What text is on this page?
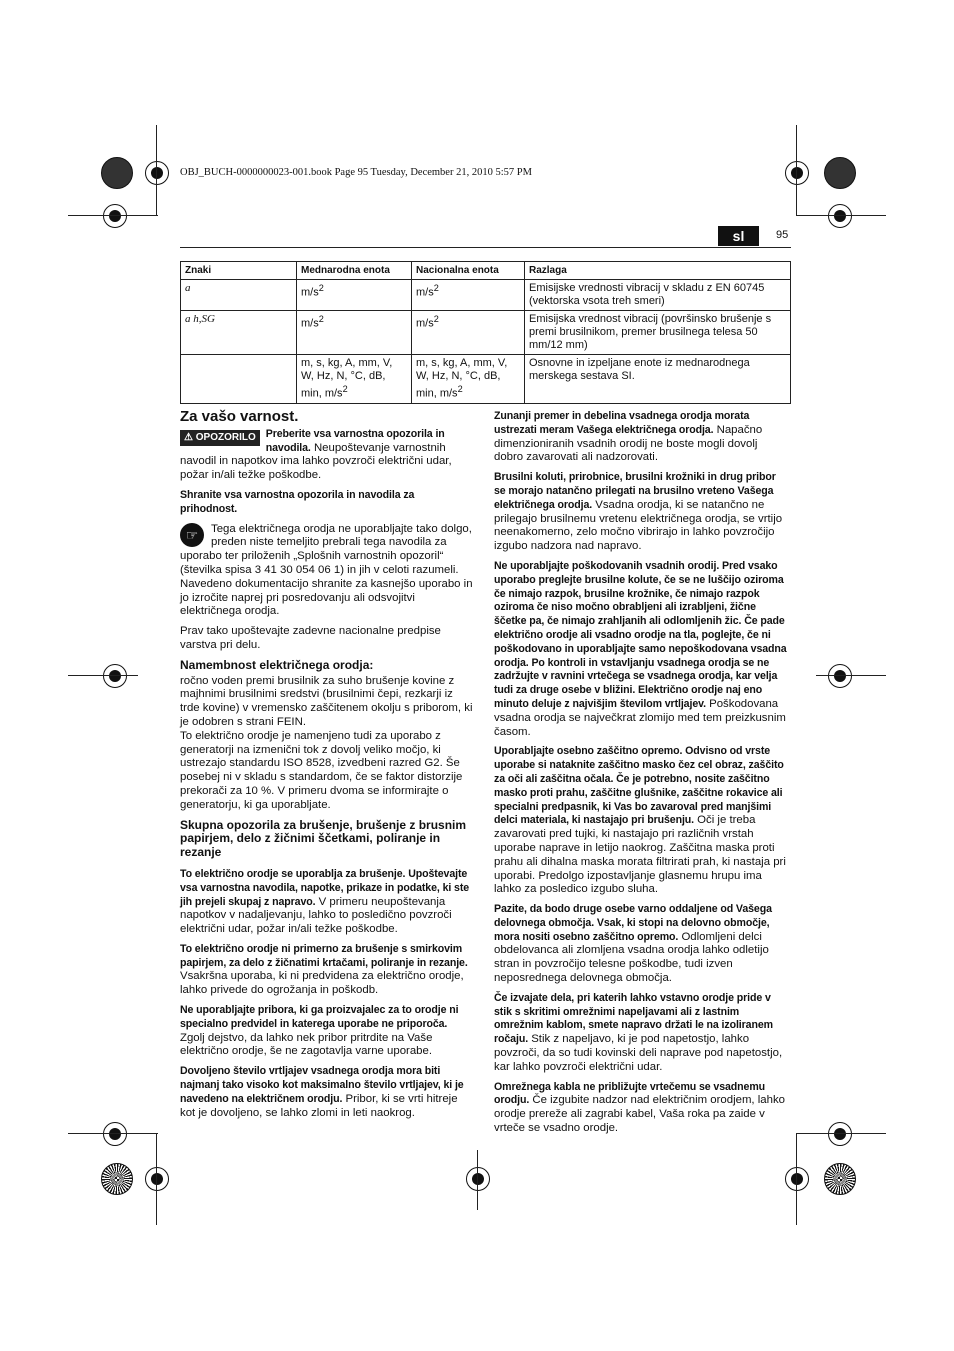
OBJ_BUCH-0000000023-001.book Page 95 Tuesday, December 21, 2010 5:57 PM
sl	95
Znaki	Mednarodna enota	Nacionalna enota	Razlaga
a	$m/s^2$	$m/s^2$	Emisijske vrednosti vibracij v skladu z EN 60745 (vektorska vsota treh smeri)
a h,SG	$m/s^2$	$m/s^2$	Emisijska vrednost vibracij (površinsko brušenje s premi brusilnikom, premer brusilnega telesa 50 mm/12 mm)
	m, s, kg, A, mm, V, W, Hz, N, °C, dB, min, $m/s^2$	m, s, kg, A, mm, V, W, Hz, N, °C, dB, min, $m/s^2$	Osnovne in izpeljane enote iz mednarodnega merskega sestava SI.
Za vašo varnost.

⚠ OPOZORILO Preberite vsa varnostna opozorila in navodila. Neupoštevanje varnostnih navodil in napotkov ima lahko povzroči električni udar, požar in/ali težke poškodbe.

Shranite vsa varnostna opozorila in navodila za prihodnost.

☞	Tega električnega orodja ne uporabljajte tako dolgo, preden niste temeljito prebrali tega navodila za uporabo ter priloženih „Splošnih varnostnih opozoril“ (številka spisa 3 41 30 054 06 1) in jih v celoti razumeli. Navedeno dokumentacijo shranite za kasnejšo uporabo in jo izročite naprej pri posredovanju ali odsvojitvi električnega orodja.

Prav tako upoštevajte zadevne nacionalne predpise varstva pri delu.

Namembnost električnega orodja:

ročno voden premi brusilnik za suho brušenje kovine z majhnimi brusilnimi sredstvi (brusilnimi čepi, rezkarji iz trde kovine) v vremensko zaščitenem okolju s priborom, ki je odobren s strani FEIN.

To električno orodje je namenjeno tudi za uporabo z generatorji na izmenični tok z dovolj veliko močjo, ki ustrezajo standardu ISO 8528, izvedbeni razred G2. Še posebej ni v skladu s standardom, če se faktor distorzije prekorači za 10 %. V primeru dvoma se informirajte o generatorju, ki ga uporabljate.

Skupna opozorila za brušenje, brušenje z brusnim papirjem, delo z žičnimi ščetkami, poliranje in rezanje

To električno orodje se uporablja za brušenje. Upoštevajte vsa varnostna navodila, napotke, prikaze in podatke, ki ste jih prejeli skupaj z napravo. V primeru neupoštevanja napotkov v nadaljevanju, lahko to posledično povzroči električni udar, požar in/ali težke poškodbe.

To električno orodje ni primerno za brušenje s smirkovim papirjem, za delo z žičnatimi krtačami, poliranje in rezanje. Vsakršna uporaba, ki ni predvidena za električno orodje, lahko privede do ogrožanja in poškodb.

Ne uporabljajte pribora, ki ga proizvajalec za to orodje ni specialno predvidel in katerega uporabe ne priporoča. Zgolj dejstvo, da lahko nek pribor pritrdite na Vaše električno orodje, še ne zagotavlja varne uporabe.

Dovoljeno število vrtljajev vsadnega orodja mora biti najmanj tako visoko kot maksimalno število vrtljajev, ki je navedeno na električnem orodju. Pribor, ki se vrti hitreje kot je dovoljeno, se lahko zlomi in leti naokrog.

Zunanji premer in debelina vsadnega orodja morata ustrezati meram Vašega električnega orodja. Napačno dimenzioniranih vsadnih orodij ne boste mogli dovolj dobro zavarovati ali nadzorovati.

Brusilni koluti, prirobnice, brusilni krožniki in drug pribor se morajo natančno prilegati na brusilno vreteno Vašega električnega orodja. Vsadna orodja, ki se natančno ne prilegajo brusilnemu vretenu električnega orodja, se vrtijo neenakomerno, zelo močno vibrirajo in lahko povzročijo izgubo nadzora nad napravo.

Ne uporabljajte poškodovanih vsadnih orodij. Pred vsako uporabo preglejte brusilne kolute, če se ne luščijo oziroma če nimajo razpok, brusilne krožnike, če nimajo razpok oziroma če niso močno obrabljeni ali izrabljeni, žične ščetke pa, če nimajo zrahljanih ali odlomljenih žic. Če pade električno orodje ali vsadno orodje na tla, poglejte, če ni poškodovano in uporabljajte samo nepoškodovana vsadna orodja. Po kontroli in vstavljanju vsadnega orodja se ne zadržujte v ravnini vrtečega se vsadnega orodja, kar velja tudi za druge osebe v bližini. Električno orodje naj eno minuto deluje z najvišjim številom vrtljajev. Poškodovana vsadna orodja se največkrat zlomijo med tem preizkusnim časom.

Uporabljajte osebno zaščitno opremo. Odvisno od vrste uporabe si nataknite zaščitno masko čez cel obraz, zaščito za oči ali zaščitna očala. Če je potrebno, nosite zaščitno masko proti prahu, zaščitne glušnike, zaščitne rokavice ali specialni predpasnik, ki Vas bo zavaroval pred manjšimi delci materiala, ki nastajajo pri brušenju. Oči je treba zavarovati pred tujki, ki nastajajo pri različnih vrstah uporabe naprave in letijo naokrog. Zaščitna maska proti prahu ali dihalna maska morata filtrirati prah, ki nastaja pri uporabi. Predolgo izpostavljanje glasnemu hrupu ima lahko za posledico izgubo sluha.

Pazite, da bodo druge osebe varno oddaljene od Vašega delovnega območja. Vsak, ki stopi na delovno območje, mora nositi osebno zaščitno opremo. Odlomljeni delci obdelovanca ali zlomljena vsadna orodja lahko odletijo stran in povzročijo telesne poškodbe, tudi izven neposrednega delovnega območja.

Če izvajate dela, pri katerih lahko vstavno orodje pride v stik s skritimi omrežnimi napeljavami ali z lastnim omrežnim kablom, smete napravo držati le na izoliranem ročaju. Stik z napeljavo, ki je pod napetostjo, lahko povzroči, da so tudi kovinski deli naprave pod napetostjo, kar lahko povzroči električni udar.

Omrežnega kabla ne približujte vrtečemu se vsadnemu orodju. Če izgubite nadzor nad električnim orodjem, lahko orodje prereže ali zagrabi kabel, Vaša roka pa zaide v vrteče se vsadno orodje.
